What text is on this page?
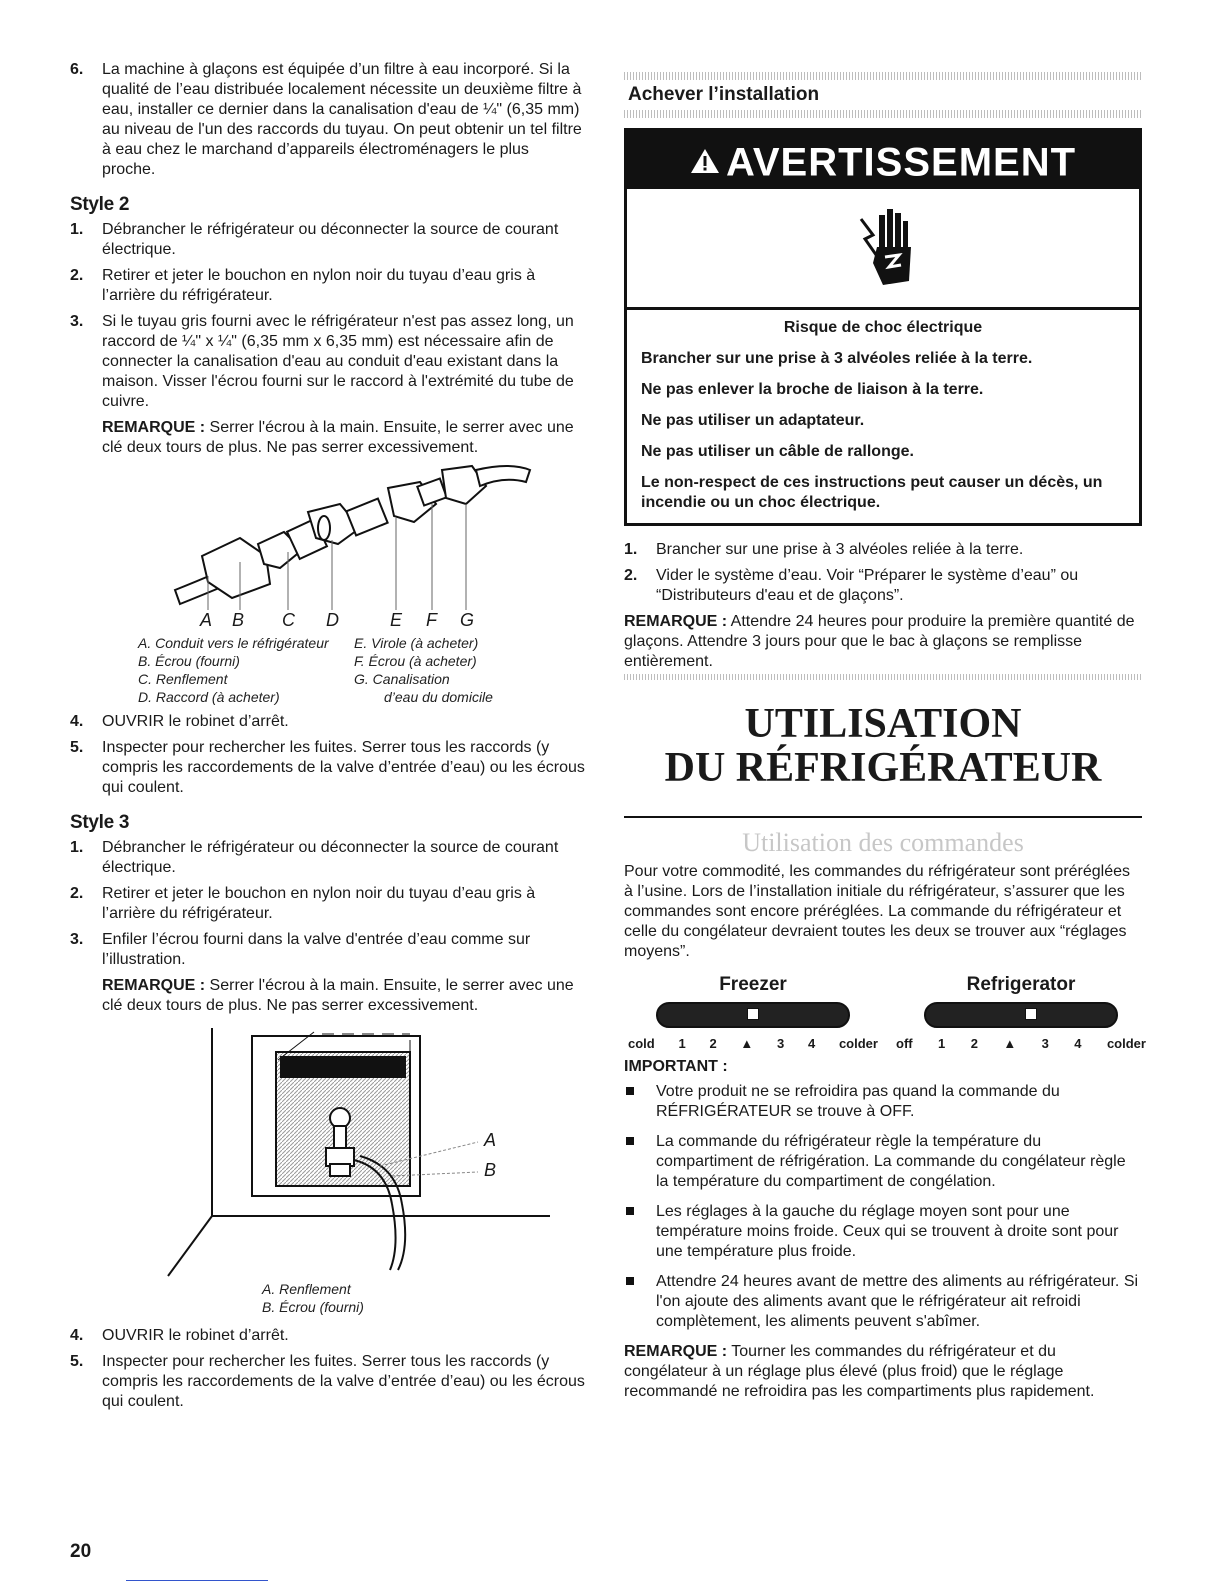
6. La machine à glaçons est équipée d’un filtre à eau incorporé. Si la qualité de l’eau distribuée localement nécessite un deuxième filtre à eau, installer ce dernier dans la canalisation d'eau de ¼" (6,35 mm) au niveau de l'un des raccords du tuyau. On peut obtenir un tel filtre à eau chez le marchand d’appareils électroménagers le plus proche.
Style 2
1. Débrancher le réfrigérateur ou déconnecter la source de courant électrique.
2. Retirer et jeter le bouchon en nylon noir du tuyau d’eau gris à l’arrière du réfrigérateur.
3. Si le tuyau gris fourni avec le réfrigérateur n'est pas assez long, un raccord de ¼" x ¼" (6,35 mm x 6,35 mm) est nécessaire afin de connecter la canalisation d'eau au conduit d'eau existant dans la maison. Visser l'écrou fourni sur le raccord à l'extrémité du tube de cuivre.

REMARQUE : Serrer l'écrou à la main. Ensuite, le serrer avec une clé deux tours de plus. Ne pas serrer excessivement.

A B C D	E F G
A. Conduit vers le réfrigérateur
B. Écrou (fourni)
C. Renflement
D. Raccord (à acheter)
E. Virole (à acheter)
F. Écrou (à acheter)
G. Canalisation
d’eau du domicile
4. OUVRIR le robinet d’arrêt.
5. Inspecter pour rechercher les fuites. Serrer tous les raccords (y compris les raccordements de la valve d’entrée d’eau) ou les écrous qui coulent.
Style 3
1. Débrancher le réfrigérateur ou déconnecter la source de courant électrique.
2. Retirer et jeter le bouchon en nylon noir du tuyau d’eau gris à l’arrière du réfrigérateur.
3. Enfiler l’écrou fourni dans la valve d'entrée d’eau comme sur l’illustration.

REMARQUE : Serrer l'écrou à la main. Ensuite, le serrer avec une clé deux tours de plus. Ne pas serrer excessivement.

A
B
A. Renflement
B. Écrou (fourni)
4. OUVRIR le robinet d’arrêt.
5. Inspecter pour rechercher les fuites. Serrer tous les raccords (y compris les raccordements de la valve d’entrée d’eau) ou les écrous qui coulent.
Achever l’installation
AVERTISSEMENT

Risque de choc électrique

Brancher sur une prise à 3 alvéoles reliée à la terre.

Ne pas enlever la broche de liaison à la terre.

Ne pas utiliser un adaptateur.

Ne pas utiliser un câble de rallonge.

Le non-respect de ces instructions peut causer un décès, un incendie ou un choc électrique.

1. Brancher sur une prise à 3 alvéoles reliée à la terre.
2. Vider le système d’eau. Voir “Préparer le système d’eau” ou “Distributeurs d'eau et de glaçons”.

REMARQUE : Attendre 24 heures pour produire la première quantité de glaçons. Attendre 3 jours pour que le bac à glaçons se remplisse entièrement.

UTILISATION
DU RÉFRIGÉRATEUR
Utilisation des commandes

Pour votre commodité, les commandes du réfrigérateur sont préréglées à l’usine. Lors de l’installation initiale du réfrigérateur, s’assurer que les commandes sont encore préréglées. La commande du réfrigérateur et celle du congélateur devraient toutes les deux se trouver aux “réglages moyens”.

Freezer
cold 1 2 ▲ 3 4 colder
Refrigerator
off 1 2 ▲ 3 4 colder
IMPORTANT :
Votre produit ne se refroidira pas quand la commande du RÉFRIGÉRATEUR se trouve à OFF.
La commande du réfrigérateur règle la température du compartiment de réfrigération. La commande du congélateur règle la température du compartiment de congélation.
Les réglages à la gauche du réglage moyen sont pour une température moins froide. Ceux qui se trouvent à droite sont pour une température plus froide.
Attendre 24 heures avant de mettre des aliments au réfrigérateur. Si l'on ajoute des aliments avant que le réfrigérateur ait refroidi complètement, les aliments peuvent s'abîmer.

REMARQUE : Tourner les commandes du réfrigérateur et du congélateur à un réglage plus élevé (plus froid) que le réglage recommandé ne refroidira pas les compartiments plus rapidement.

20
